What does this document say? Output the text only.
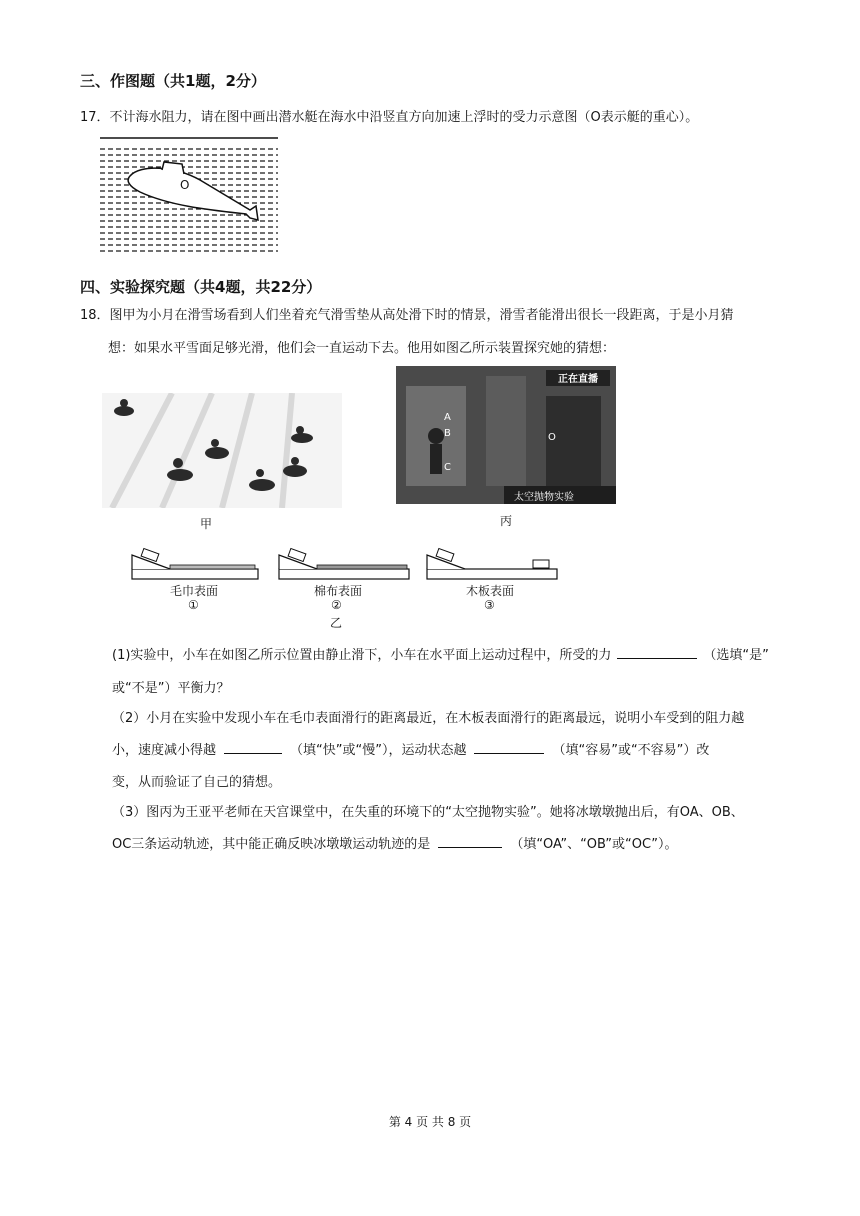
三、作图题（共1题，2分）
17．不计海水阻力，请在图中画出潜水艇在海水中沿竖直方向加速上浮时的受力示意图（O表示艇的重心）。
O
四、实验探究题（共4题，共22分）
18．图甲为小月在滑雪场看到人们坐着充气滑雪垫从高处滑下时的情景，滑雪者能滑出很长一段距离，于是小月猜
想：如果水平雪面足够光滑，他们会一直运动下去。他用如图乙所示装置探究她的猜想：
甲
正在直播
太空抛物实验
A
B
C
O
丙
毛巾表面
①
棉布表面
②
乙
木板表面
③
(1)实验中，小车在如图乙所示位置由静止滑下，小车在水平面上运动过程中，所受的力	（选填“是”
或“不是”）平衡力？
（2）小月在实验中发现小车在毛巾表面滑行的距离最近，在木板表面滑行的距离最远，说明小车受到的阻力越
小，速度减小得越	（填“快”或“慢”），运动状态越	（填“容易”或“不容易”）改
变，从而验证了自己的猜想。
（3）图丙为王亚平老师在天宫课堂中，在失重的环境下的“太空抛物实验”。她将冰墩墩抛出后，有OA、OB、
OC三条运动轨迹，其中能正确反映冰墩墩运动轨迹的是	（填“OA”、“OB”或“OC”）。
第 4 页 共 8 页
